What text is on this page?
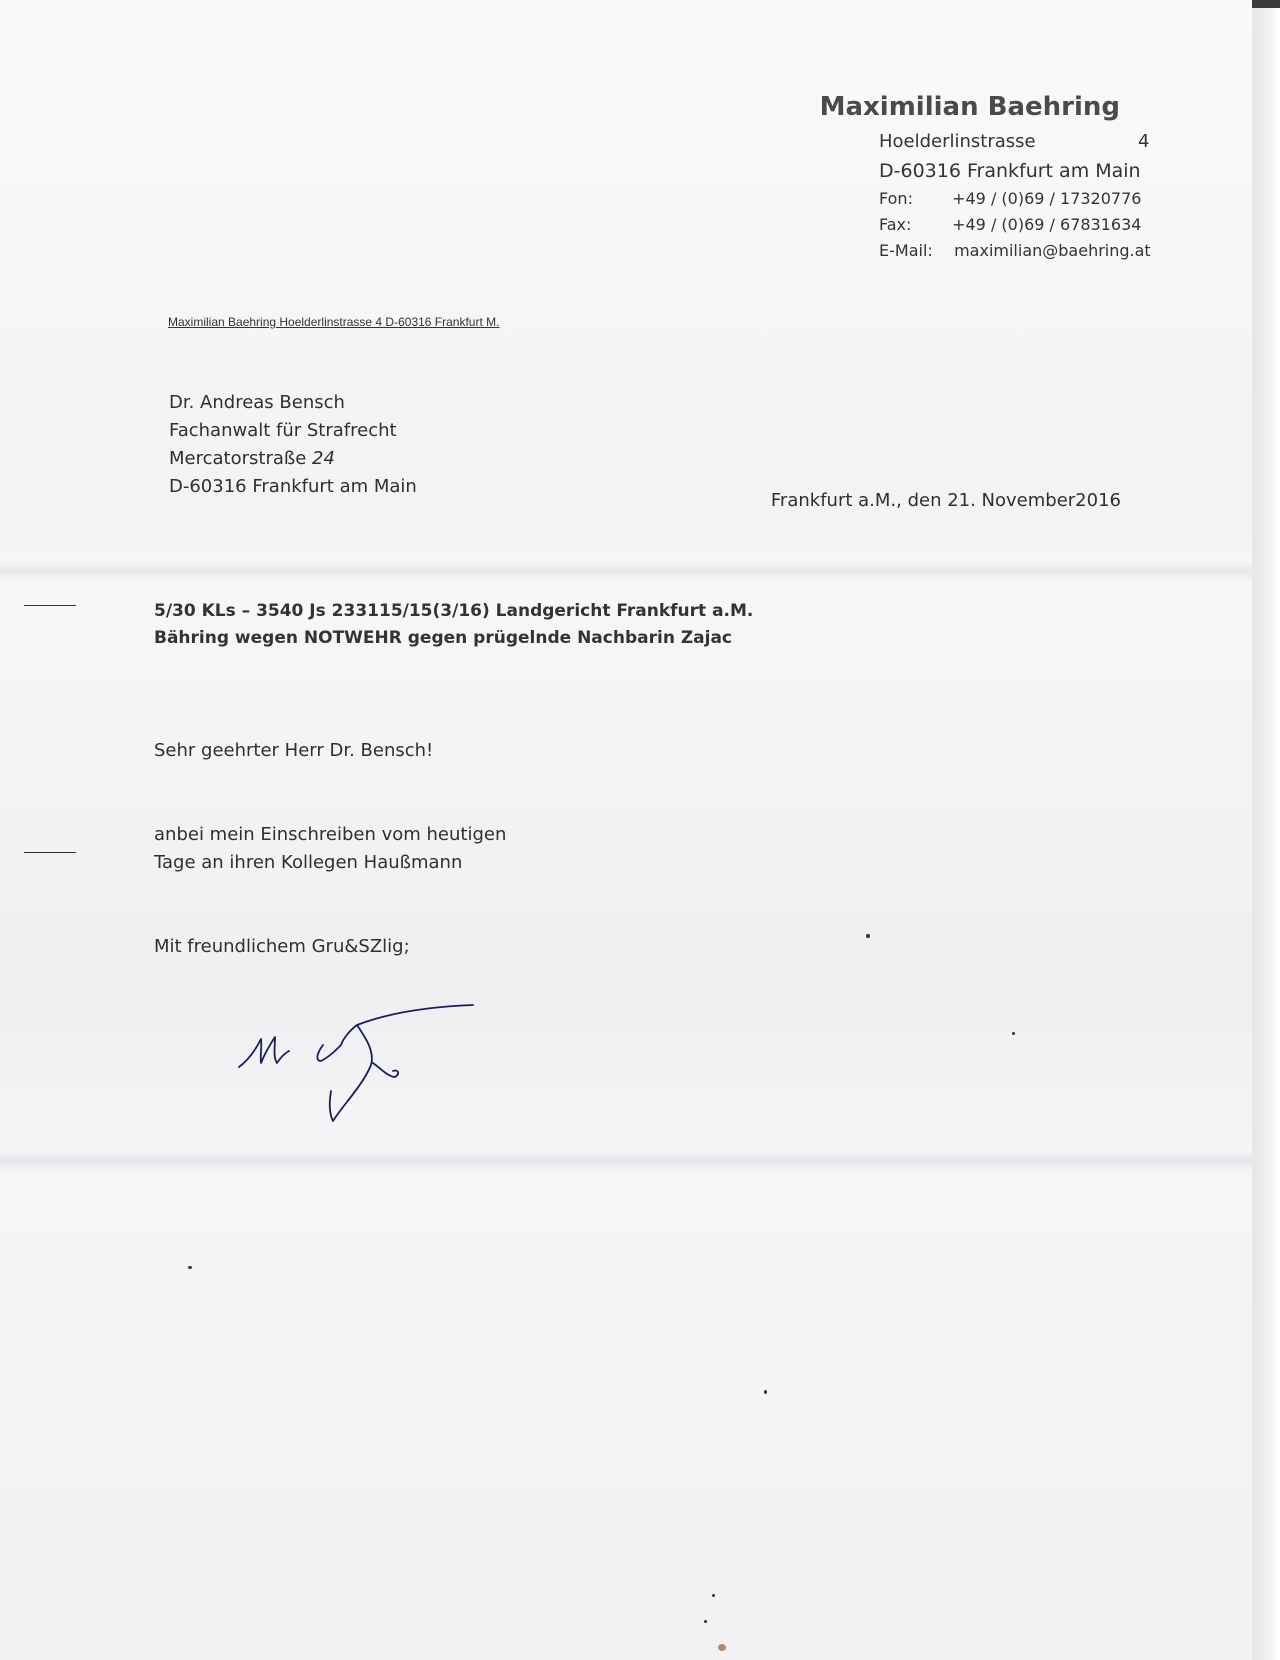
Maximilian Baehring
Hoelderlinstrasse	4
D-60316 Frankfurt am Main
Fon: +49 / (0)69 / 17320776
Fax:	+49 / (0)69 / 67831634
E-Mail: maximilian@baehring.at
Maximilian Baehring Hoelderlinstrasse 4 D-60316 Frankfurt M.
Dr. Andreas Bensch
Fachanwalt für Strafrecht
Mercatorstraße 24
D-60316 Frankfurt am Main
Frankfurt a.M., den 21. November2016
5/30 KLs – 3540 Js 233115/15(3/16) Landgericht Frankfurt a.M.
Bähring wegen NOTWEHR gegen prügelnde Nachbarin Zajac
Sehr geehrter Herr Dr. Bensch!
anbei mein Einschreiben vom heutigen
Tage an ihren Kollegen Haußmann
Mit freundlichem Gru&SZlig;
